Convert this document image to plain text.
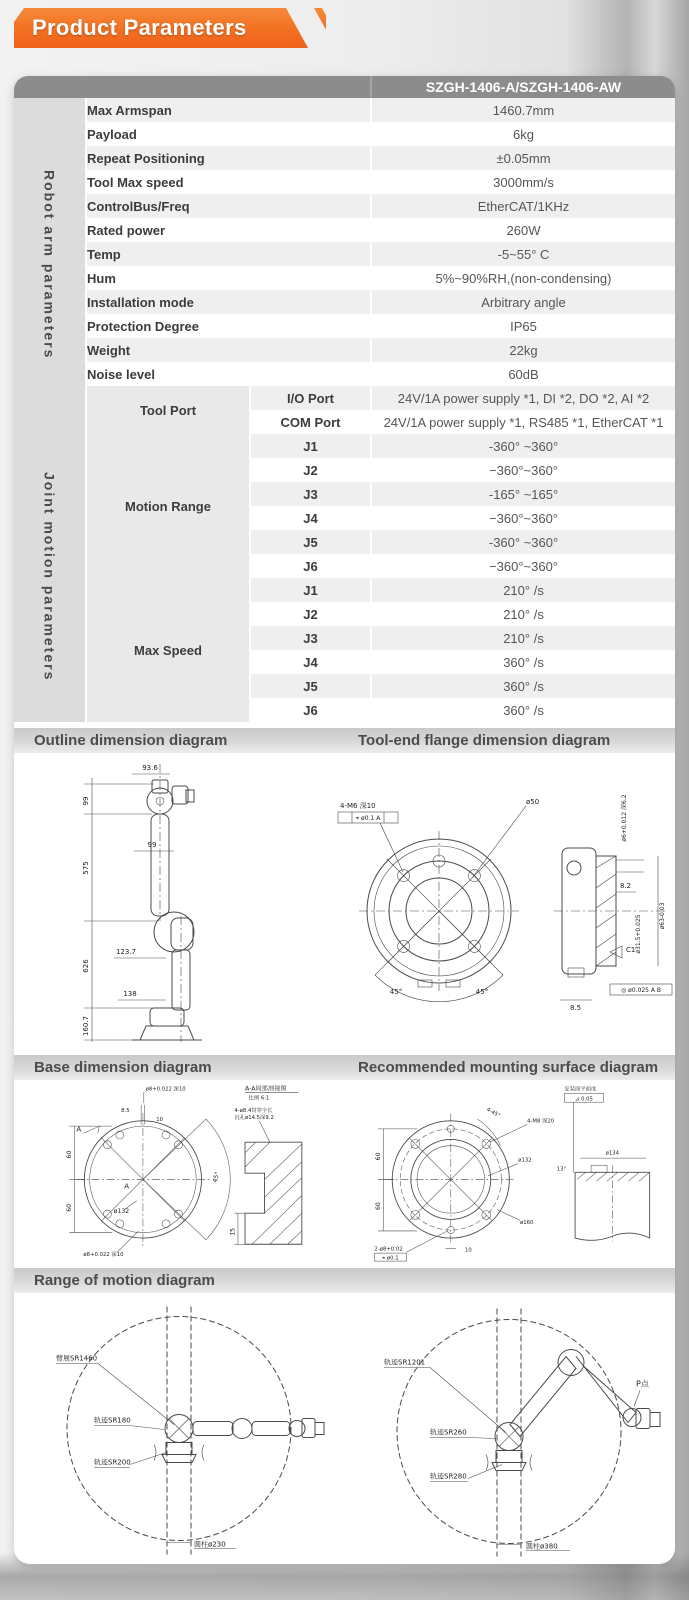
Product Parameters
			SZGH-1406-A/SZGH-1406-AW
Robot arm parameters	Max Armspan		1460.7mm
	Payload		6kg
	Repeat Positioning		±0.05mm
	Tool Max speed		3000mm/s
	ControlBus/Freq		EtherCAT/1KHz
	Rated power		260W
	Temp		-5~55° C
	Hum		5%~90%RH,(non-condensing)
	Installation mode		Arbitrary angle
	Protection Degree		IP65
	Weight		22kg
	Noise level		60dB
	Tool Port	I/O Port	24V/1A power supply *1, DI *2, DO *2, AI *2
		COM Port	24V/1A power supply *1, RS485 *1, EtherCAT *1
Joint motion parameters	Motion Range	J1	-360° ~360°
		J2	−360°~360°
		J3	-165° ~165°
		J4	−360°~360°
		J5	-360° ~360°
		J6	−360°~360°
	Max Speed	J1	210° /s
		J2	210° /s
		J3	210° /s
		J4	360° /s
		J5	360° /s
		J6	360° /s
Outline dimension diagram	Tool-end flange dimension diagram
93.6
99
99
575
123.7
626
138
160.7
45°	45°
4-M6 深10
⌖ ø0.1 A
ø50	ø6+0.012 深6.2
8.2
ø31.5+0.025	ø63-0.03
C1
◎ ø0.025 A B
8.5
Base dimension diagram	Recommended mounting surface diagram
A
A
60
60	ø132
ø8+0.022 深10
8.5
10
45°
ø8+0.022 深10
A-A局部剖视图
比例 6:1
4-ø8.4贯穿全长
沉孔ø14.5深9.2
15
60
60
4-45°
4-M8 深20
ø132
ø160
2-ø8+0.02
⌖ ø0.1
10
安装面平面度
⊿ 0.05
ø134
13°
Range of motion diagram
臂展SR1460
轨迹SR180
轨迹SR200
圆柱ø230
轨迹SR1201
轨迹SR260
轨迹SR280
P点
圆柱ø380
